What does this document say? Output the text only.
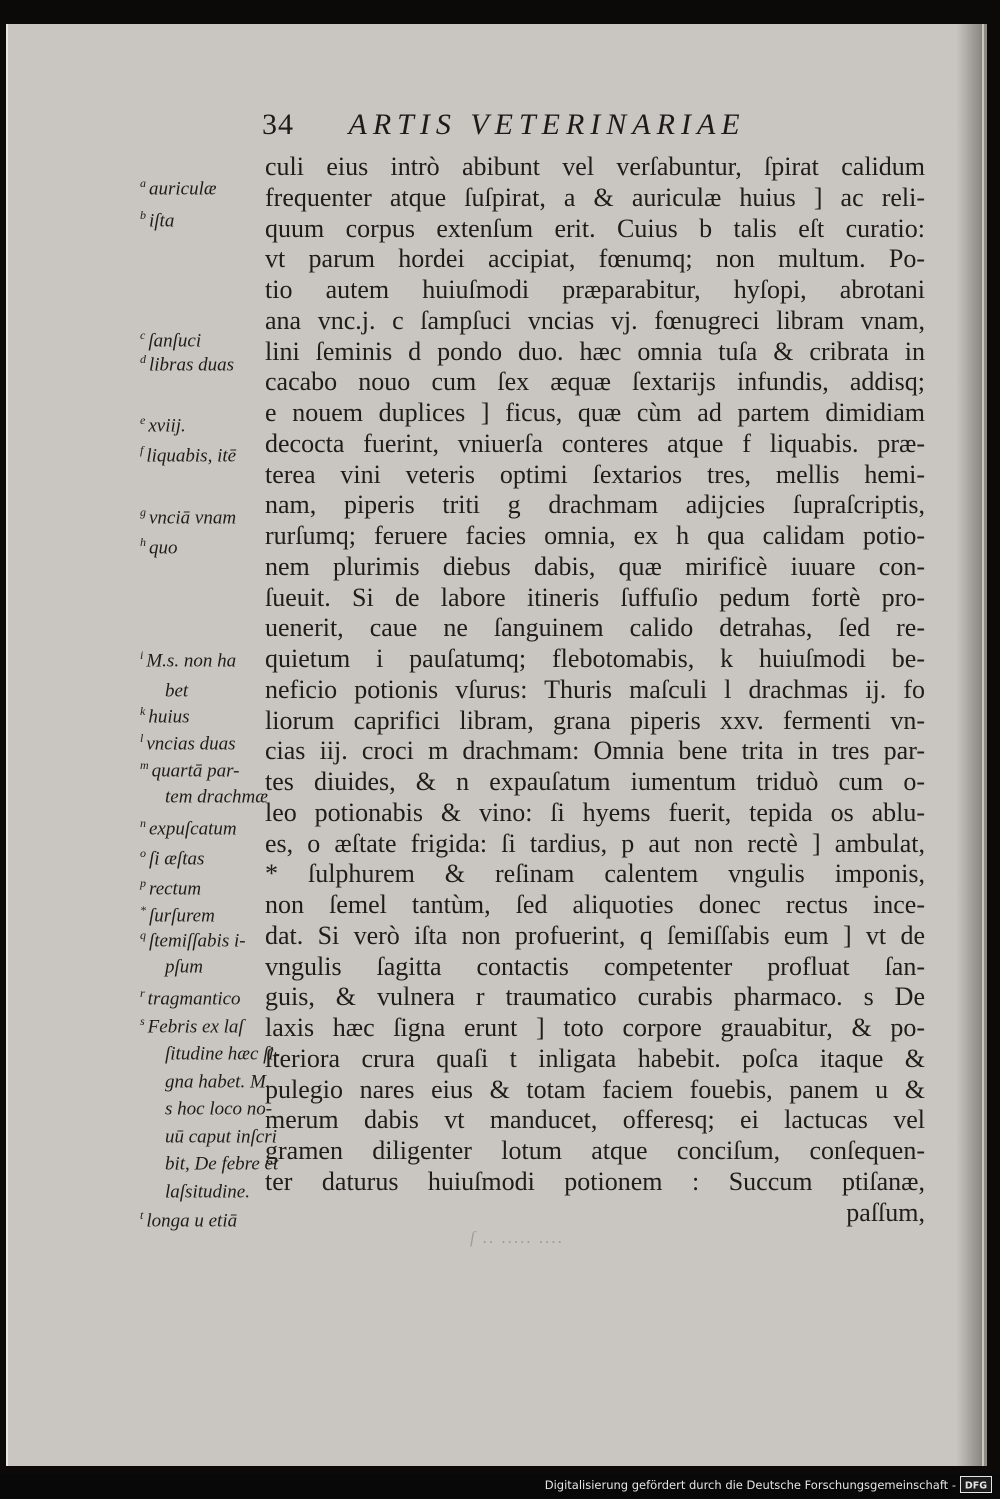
34 ARTIS VETERINARIAE
culi eius intrò abibunt vel verſabuntur, ſpirat calidum
frequenter atque ſuſpirat, a & auriculæ huius ] ac reli-
quum corpus extenſum erit. Cuius b talis eſt curatio:
vt parum hordei accipiat, fœnumq; non multum. Po-
tio autem huiuſmodi præparabitur, hyſopi, abrotani
ana vnc.j. c ſampſuci vncias vj. fœnugreci libram vnam,
lini ſeminis d pondo duo. hæc omnia tuſa & cribrata in
cacabo nouo cum ſex æquæ ſextarijs infundis, addisq;
e nouem duplices ] ficus, quæ cùm ad partem dimidiam
decocta fuerint, vniuerſa conteres atque f liquabis. præ-
terea vini veteris optimi ſextarios tres, mellis hemi-
nam, piperis triti g drachmam adijcies ſupraſcriptis,
rurſumq; feruere facies omnia, ex h qua calidam potio-
nem plurimis diebus dabis, quæ mirificè iuuare con-
ſueuit. Si de labore itineris ſuffuſio pedum fortè pro-
uenerit, caue ne ſanguinem calido detrahas, ſed re-
quietum i pauſatumq; flebotomabis, k huiuſmodi be-
neficio potionis vſurus: Thuris maſculi l drachmas ij. fo
liorum caprifici libram, grana piperis xxv. fermenti vn-
cias iij. croci m drachmam: Omnia bene trita in tres par-
tes diuides, & n expauſatum iumentum triduò cum o-
leo potionabis & vino: ſi hyems fuerit, tepida os ablu-
es, o æſtate frigida: ſi tardius, p aut non rectè ] ambulat,
* ſulphurem & reſinam calentem vngulis imponis,
non ſemel tantùm, ſed aliquoties donec rectus ince-
dat. Si verò iſta non profuerint, q ſemiſſabis eum ] vt de
vngulis ſagitta contactis competenter profluat ſan-
guis, & vulnera r traumatico curabis pharmaco. s De
laxis hæc ſigna erunt ] toto corpore grauabitur, & po-
ſteriora crura quaſi t inligata habebit. poſca itaque &
pulegio nares eius & totam faciem fouebis, panem u &
merum dabis vt manducet, offeresq; ei lactucas vel
gramen diligenter lotum atque conciſum, conſequen-
ter daturus huiuſmodi potionem : Succum ptiſanæ,
paſſum,
$^a$ auriculæ
$^b$ iſta
$^c$ ſanſuci
$^d$ libras duas
$^e$ xviij.
$^f$ liquabis, itē
$^g$ vnciā vnam
$^h$ quo
$^i$ M.s. non ha
bet
$^k$ huius
$^l$ vncias duas
$^m$ quartā par-
tem drachmæ
$^n$ expuſcatum
$^o$ ſi æſtas
$^p$ rectum
* ſurſurem
$^q$ ſtemiſſabis i-
pſum
$^r$ tragmantico
$^s$ Febris ex laſ
ſitudine hæc ſi-
gna habet. M.
s hoc loco no-
uū caput inſcri
bit, De febre et
laſsitudine.
$^t$ longa u etiā
ſ .. ..... ....
Digitalisierung gefördert durch die Deutsche Forschungsgemeinschaft - DFG
